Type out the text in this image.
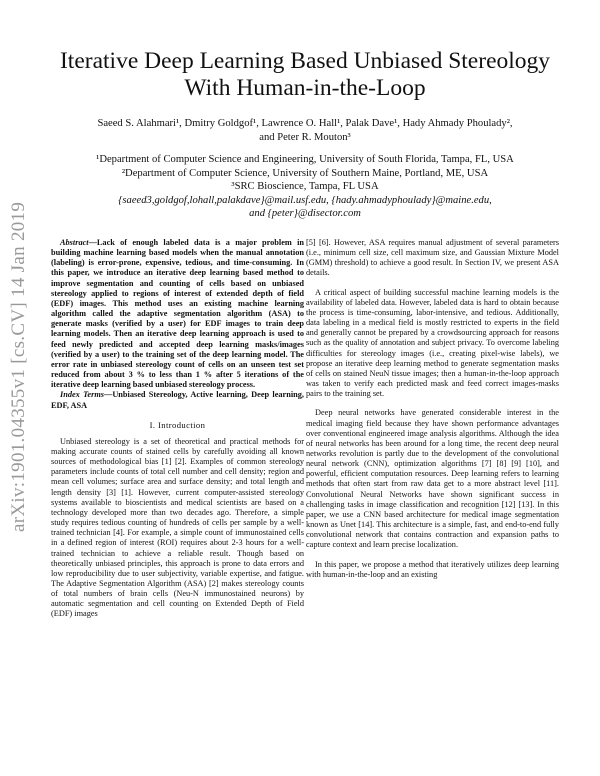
arXiv:1901.04355v1 [cs.CV] 14 Jan 2019
Iterative Deep Learning Based Unbiased Stereology
With Human-in-the-Loop
Saeed S. Alahmari¹, Dmitry Goldgof¹, Lawrence O. Hall¹, Palak Dave¹, Hady Ahmady Phoulady²,
and Peter R. Mouton³
¹Department of Computer Science and Engineering, University of South Florida, Tampa, FL, USA
²Department of Computer Science, University of Southern Maine, Portland, ME, USA
³SRC Bioscience, Tampa, FL USA
{saeed3,goldgof,lohall,palakdave}@mail.usf.edu, {hady.ahmadyphoulady}@maine.edu,
and {peter}@disector.com

Abstract—Lack of enough labeled data is a major problem in building machine learning based models when the manual annotation (labeling) is error-prone, expensive, tedious, and time-consuming. In this paper, we introduce an iterative deep learning based method to improve segmentation and counting of cells based on unbiased stereology applied to regions of interest of extended depth of field (EDF) images. This method uses an existing machine learning algorithm called the adaptive segmentation algorithm (ASA) to generate masks (verified by a user) for EDF images to train deep learning models. Then an iterative deep learning approach is used to feed newly predicted and accepted deep learning masks/images (verified by a user) to the training set of the deep learning model. The error rate in unbiased stereology count of cells on an unseen test set reduced from about 3 % to less than 1 % after 5 iterations of the iterative deep learning based unbiased stereology process.

Index Terms—Unbiased Stereology, Active learning, Deep learning, EDF, ASA

I. Introduction

Unbiased stereology is a set of theoretical and practical methods for making accurate counts of stained cells by carefully avoiding all known sources of methodological bias [1] [2]. Examples of common stereology parameters include counts of total cell number and cell density; region and mean cell volumes; surface area and surface density; and total length and length density [3] [1]. However, current computer-assisted stereology systems available to bioscientists and medical scientists are based on a technology developed more than two decades ago. Therefore, a simple study requires tedious counting of hundreds of cells per sample by a well-trained technician [4]. For example, a simple count of immunostained cells in a defined region of interest (ROI) requires about 2-3 hours for a well-trained technician to achieve a reliable result. Though based on theoretically unbiased principles, this approach is prone to data errors and low reproducibility due to user subjectivity, variable expertise, and fatigue. The Adaptive Segmentation Algorithm (ASA) [2] makes stereology counts of total numbers of brain cells (Neu-N immunostained neurons) by automatic segmentation and cell counting on Extended Depth of Field (EDF) images

[5] [6]. However, ASA requires manual adjustment of several parameters (i.e., minimum cell size, cell maximum size, and Gaussian Mixture Model (GMM) threshold) to achieve a good result. In Section IV, we present ASA details.

A critical aspect of building successful machine learning models is the availability of labeled data. However, labeled data is hard to obtain because the process is time-consuming, labor-intensive, and tedious. Additionally, data labeling in a medical field is mostly restricted to experts in the field and generally cannot be prepared by a crowdsourcing approach for reasons such as the quality of annotation and subject privacy. To overcome labeling difficulties for stereology images (i.e., creating pixel-wise labels), we propose an iterative deep learning method to generate segmentation masks of cells on stained NeuN tissue images; then a human-in-the-loop approach was taken to verify each predicted mask and feed correct images-masks pairs to the training set.

Deep neural networks have generated considerable interest in the medical imaging field because they have shown performance advantages over conventional engineered image analysis algorithms. Although the idea of neural networks has been around for a long time, the recent deep neural networks revolution is partly due to the development of the convolutional neural network (CNN), optimization algorithms [7] [8] [9] [10], and powerful, efficient computation resources. Deep learning refers to learning methods that often start from raw data get to a more abstract level [11]. Convolutional Neural Networks have shown significant success in challenging tasks in image classification and recognition [12] [13]. In this paper, we use a CNN based architecture for medical image segmentation known as Unet [14]. This architecture is a simple, fast, and end-to-end fully convolutional network that contains contraction and expansion paths to capture context and learn precise localization.

In this paper, we propose a method that iteratively utilizes deep learning with human-in-the-loop and an existing
